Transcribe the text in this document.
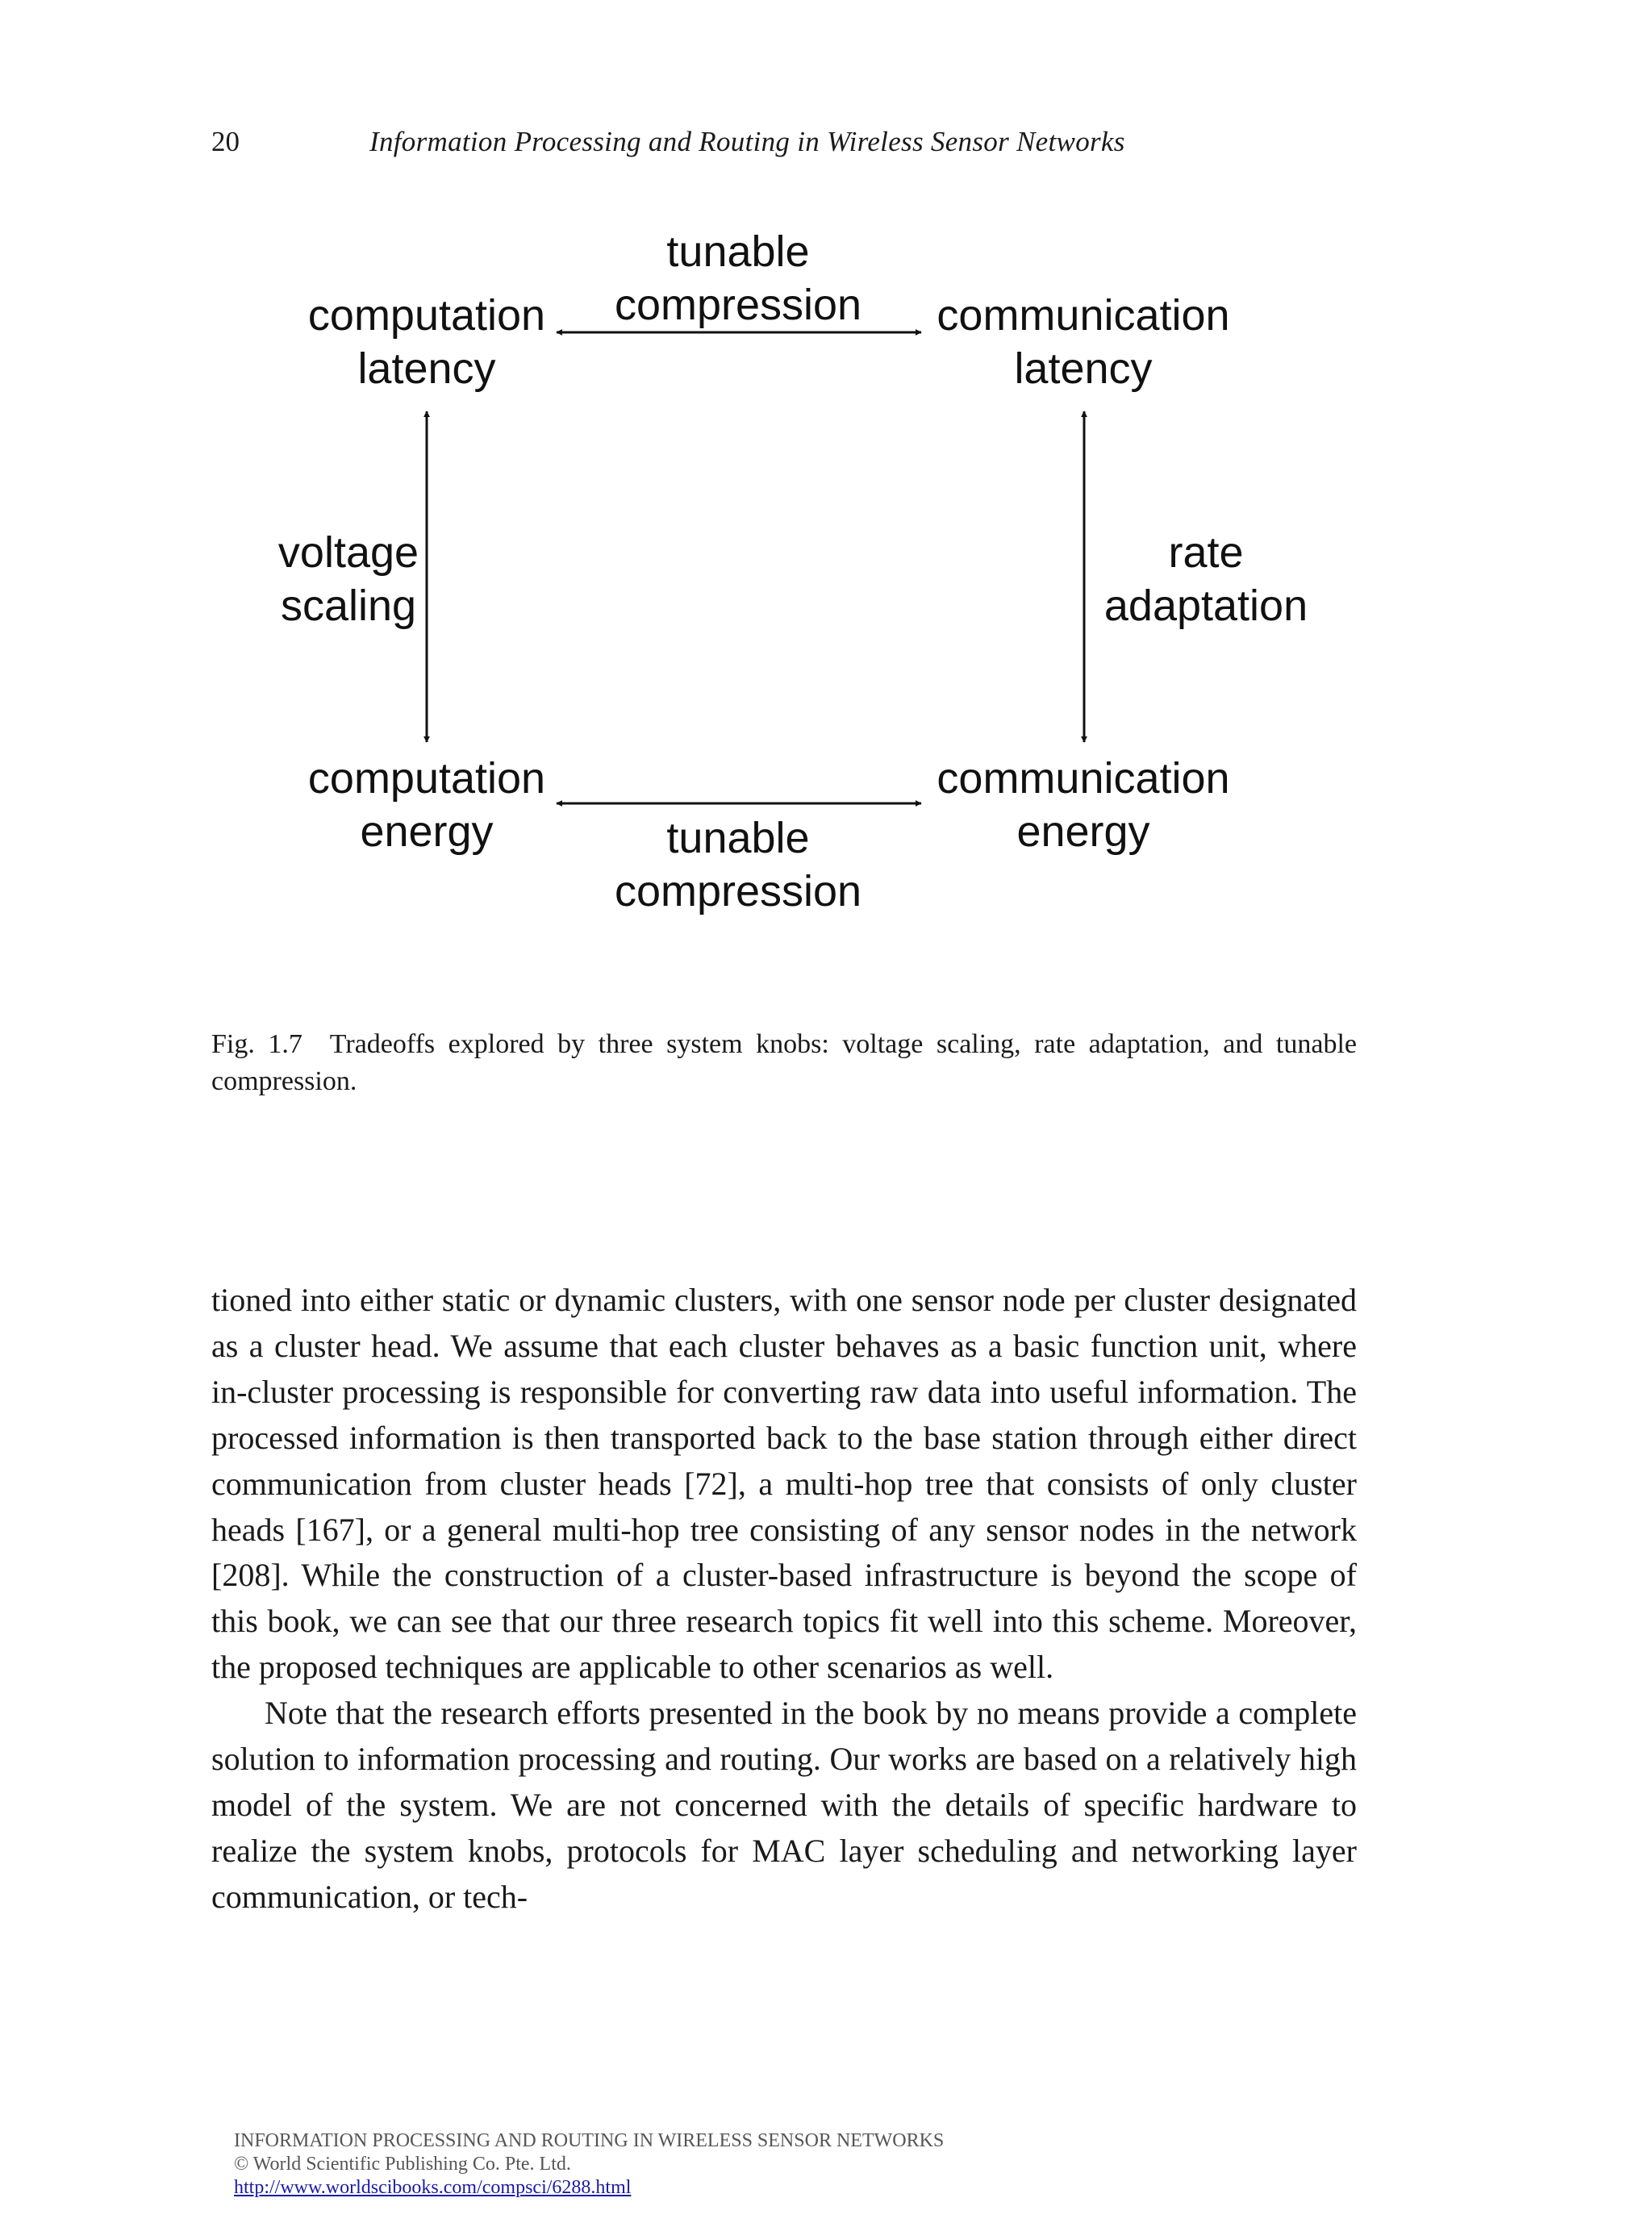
20	Information Processing and Routing in Wireless Sensor Networks
computation
latency
communication
latency
computation
energy
communication
energy
tunable
compression
tunable
compression
voltage
scaling
rate
adaptation
Fig. 1.7 Tradeoffs explored by three system knobs: voltage scaling, rate adaptation, and tunable compression.

tioned into either static or dynamic clusters, with one sensor node per cluster designated as a cluster head. We assume that each cluster behaves as a basic function unit, where in-cluster processing is responsible for converting raw data into useful information. The processed information is then transported back to the base station through either direct communication from cluster heads [72], a multi-hop tree that consists of only cluster heads [167], or a general multi-hop tree consisting of any sensor nodes in the network [208]. While the construction of a cluster-based infrastructure is beyond the scope of this book, we can see that our three research topics fit well into this scheme. Moreover, the proposed techniques are applicable to other scenarios as well.

Note that the research efforts presented in the book by no means provide a complete solution to information processing and routing. Our works are based on a relatively high model of the system. We are not concerned with the details of specific hardware to realize the system knobs, protocols for MAC layer scheduling and networking layer communication, or tech-

INFORMATION PROCESSING AND ROUTING IN WIRELESS SENSOR NETWORKS
© World Scientific Publishing Co. Pte. Ltd.
http://www.worldscibooks.com/compsci/6288.html
